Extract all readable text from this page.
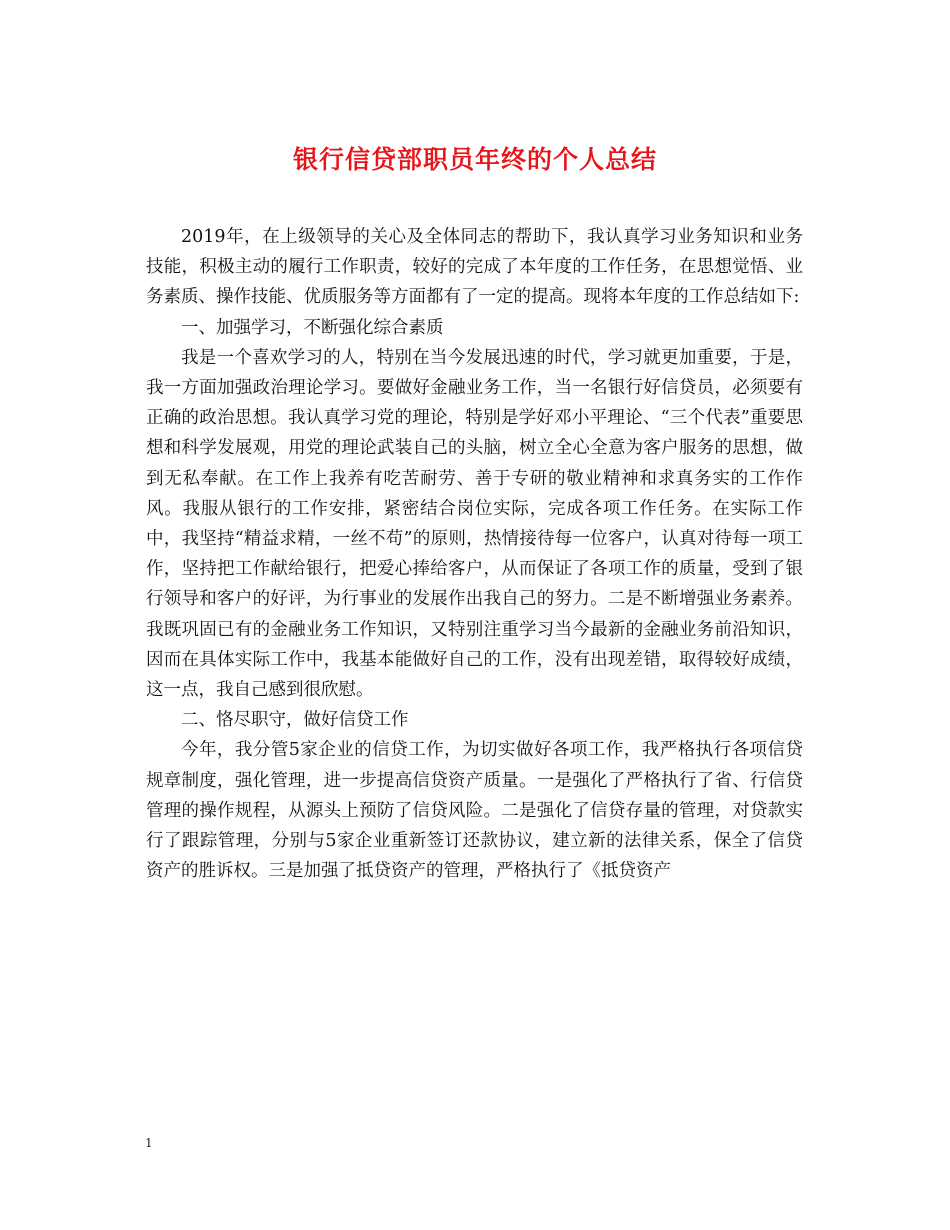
银行信贷部职员年终的个人总结

2019年，在上级领导的关心及全体同志的帮助下，我认真学习业务知识和业务技能，积极主动的履行工作职责，较好的完成了本年度的工作任务，在思想觉悟、业务素质、操作技能、优质服务等方面都有了一定的提高。现将本年度的工作总结如下:

一、加强学习，不断强化综合素质

我是一个喜欢学习的人，特别在当今发展迅速的时代，学习就更加重要，于是，我一方面加强政治理论学习。要做好金融业务工作，当一名银行好信贷员，必须要有正确的政治思想。我认真学习党的理论，特别是学好邓小平理论、“三个代表”重要思想和科学发展观，用党的理论武装自己的头脑，树立全心全意为客户服务的思想，做到无私奉献。在工作上我养有吃苦耐劳、善于专研的敬业精神和求真务实的工作作风。我服从银行的工作安排，紧密结合岗位实际，完成各项工作任务。在实际工作中，我坚持“精益求精，一丝不苟”的原则，热情接待每一位客户，认真对待每一项工作，坚持把工作献给银行，把爱心捧给客户，从而保证了各项工作的质量，受到了银行领导和客户的好评，为行事业的发展作出我自己的努力。二是不断增强业务素养。我既巩固已有的金融业务工作知识，又特别注重学习当今最新的金融业务前沿知识，因而在具体实际工作中，我基本能做好自己的工作，没有出现差错，取得较好成绩，这一点，我自己感到很欣慰。

二、恪尽职守，做好信贷工作

今年，我分管5家企业的信贷工作，为切实做好各项工作，我严格执行各项信贷规章制度，强化管理，进一步提高信贷资产质量。一是强化了严格执行了省、行信贷管理的操作规程，从源头上预防了信贷风险。二是强化了信贷存量的管理，对贷款实行了跟踪管理，分别与5家企业重新签订还款协议，建立新的法律关系，保全了信贷资产的胜诉权。三是加强了抵贷资产的管理，严格执行了《抵贷资产

1
